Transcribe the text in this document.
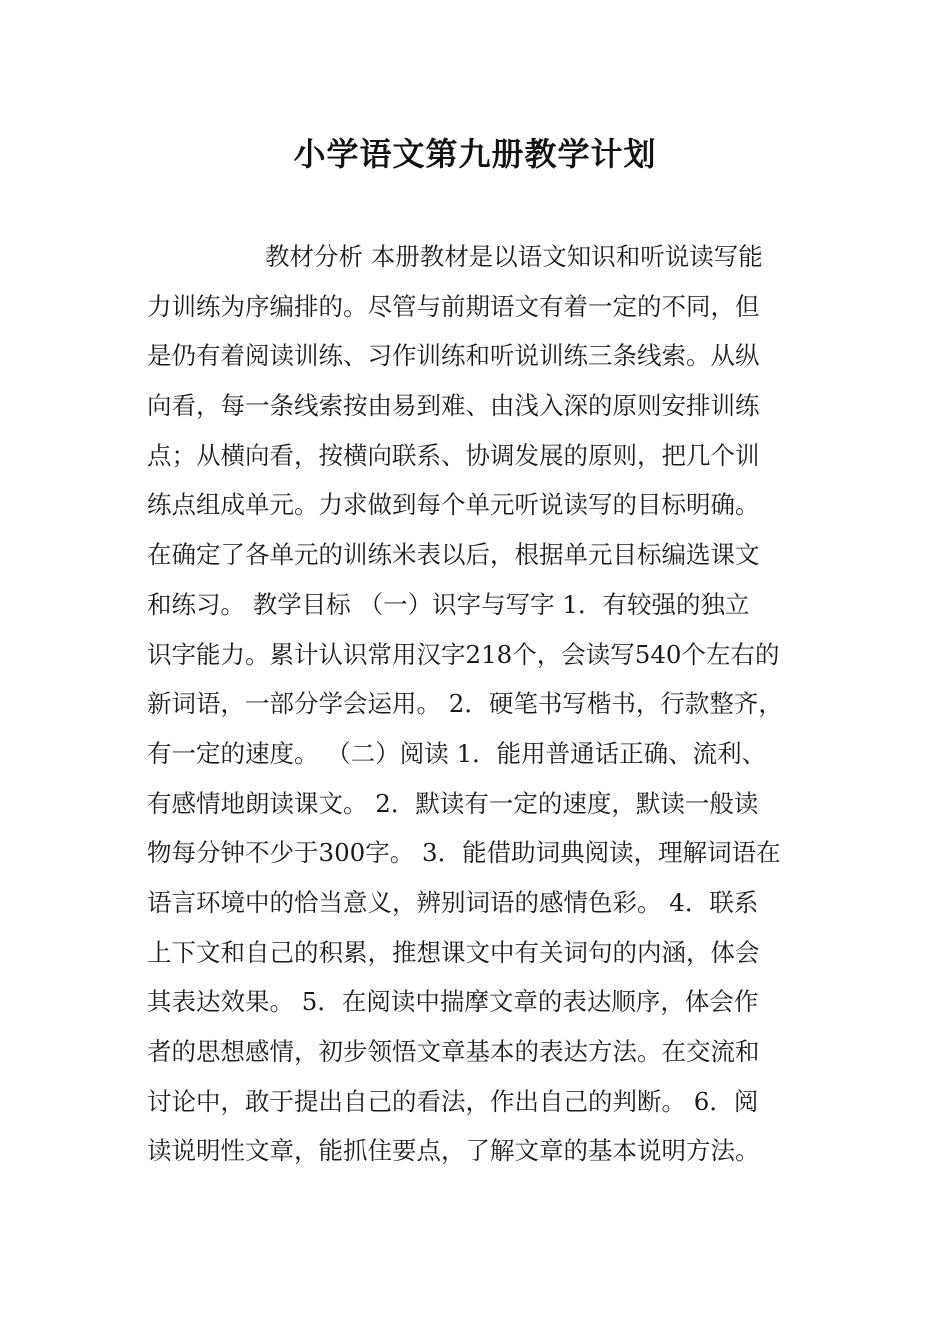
小学语文第九册教学计划
教材分析 本册教材是以语文知识和听说读写能
力训练为序编排的。尽管与前期语文有着一定的不同，但
是仍有着阅读训练、习作训练和听说训练三条线索。从纵
向看，每一条线索按由易到难、由浅入深的原则安排训练
点；从横向看，按横向联系、协调发展的原则，把几个训
练点组成单元。力求做到每个单元听说读写的目标明确。
在确定了各单元的训练米表以后，根据单元目标编选课文
和练习。 教学目标 （一）识字与写字 1．有较强的独立
识字能力。累计认识常用汉字218个，会读写540个左右的
新词语，一部分学会运用。 2．硬笔书写楷书，行款整齐，
有一定的速度。 （二）阅读 1．能用普通话正确、流利、
有感情地朗读课文。 2．默读有一定的速度，默读一般读
物每分钟不少于300字。 3．能借助词典阅读，理解词语在
语言环境中的恰当意义，辨别词语的感情色彩。 4．联系
上下文和自己的积累，推想课文中有关词句的内涵，体会
其表达效果。 5．在阅读中揣摩文章的表达顺序，体会作
者的思想感情，初步领悟文章基本的表达方法。在交流和
讨论中，敢于提出自己的看法，作出自己的判断。 6．阅
读说明性文章，能抓住要点，了解文章的基本说明方法。
